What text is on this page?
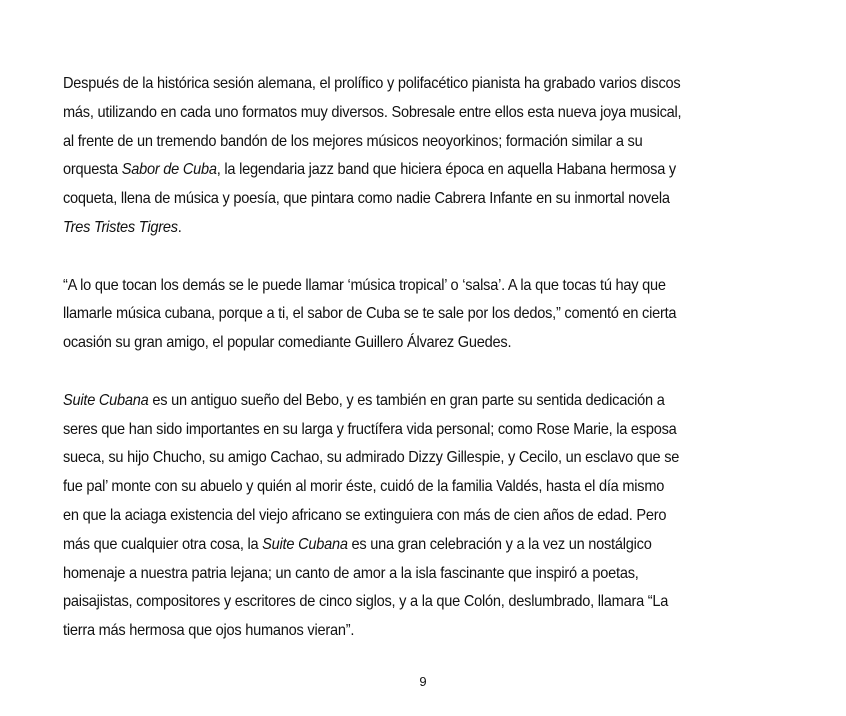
Después de la histórica sesión alemana, el prolífico y polifacético pianista ha grabado varios discos
más, utilizando en cada uno formatos muy diversos. Sobresale entre ellos esta nueva joya musical,
al frente de un tremendo bandón de los mejores músicos neoyorkinos; formación similar a su
orquesta Sabor de Cuba, la legendaria jazz band que hiciera época en aquella Habana hermosa y
coqueta, llena de música y poesía, que pintara como nadie Cabrera Infante en su inmortal novela
Tres Tristes Tigres.
“A lo que tocan los demás se le puede llamar ‘música tropical’ o ‘salsa’. A la que tocas tú hay que
llamarle música cubana, porque a ti, el sabor de Cuba se te sale por los dedos,” comentó en cierta
ocasión su gran amigo, el popular comediante Guillero Álvarez Guedes.
Suite Cubana es un antiguo sueño del Bebo, y es también en gran parte su sentida dedicación a
seres que han sido importantes en su larga y fructífera vida personal; como Rose Marie, la esposa
sueca, su hijo Chucho, su amigo Cachao, su admirado Dizzy Gillespie, y Cecilo, un esclavo que se
fue pal’ monte con su abuelo y quién al morir éste, cuidó de la familia Valdés, hasta el día mismo
en que la aciaga existencia del viejo africano se extinguiera con más de cien años de edad. Pero
más que cualquier otra cosa, la Suite Cubana es una gran celebración y a la vez un nostálgico
homenaje a nuestra patria lejana; un canto de amor a la isla fascinante que inspiró a poetas,
paisajistas, compositores y escritores de cinco siglos, y a la que Colón, deslumbrado, llamara “La
tierra más hermosa que ojos humanos vieran”.
9
